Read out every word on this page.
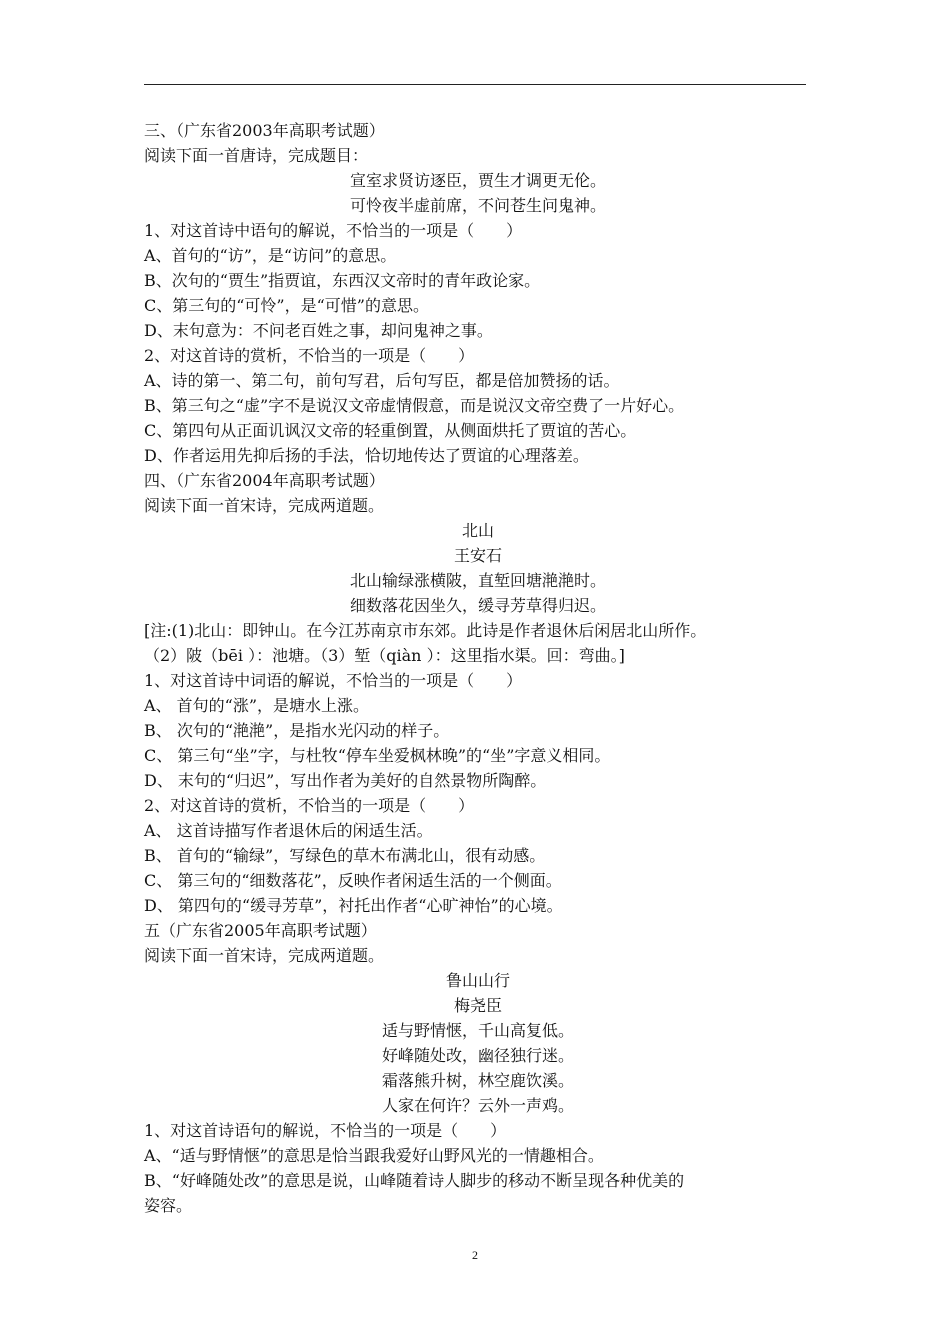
三、（广东省2003年高职考试题）
阅读下面一首唐诗，完成题目：
宣室求贤访逐臣，贾生才调更无伦。
可怜夜半虚前席，不问苍生问鬼神。
1、对这首诗中语句的解说，不恰当的一项是（　　）
A、首句的“访”，是“访问”的意思。
B、次句的“贾生”指贾谊，东西汉文帝时的青年政论家。
C、第三句的“可怜”，是“可惜”的意思。
D、末句意为：不问老百姓之事，却问鬼神之事。
2、对这首诗的赏析，不恰当的一项是（　　）
A、诗的第一、第二句，前句写君，后句写臣，都是倍加赞扬的话。
B、第三句之“虚”字不是说汉文帝虚情假意，而是说汉文帝空费了一片好心。
C、第四句从正面讥讽汉文帝的轻重倒置，从侧面烘托了贾谊的苦心。
D、作者运用先抑后扬的手法，恰切地传达了贾谊的心理落差。
四、（广东省2004年高职考试题）
阅读下面一首宋诗，完成两道题。
北山
王安石
北山输绿涨横陂，直堑回塘滟滟时。
细数落花因坐久，缓寻芳草得归迟。
[注:(1)北山：即钟山。在今江苏南京市东郊。此诗是作者退休后闲居北山所作。
（2）陂（bēi ）：池塘。（3）堑（qiàn ）：这里指水渠。回：弯曲。]
1、对这首诗中词语的解说，不恰当的一项是（　　）
A、 首句的“涨”，是塘水上涨。
B、 次句的“滟滟”，是指水光闪动的样子。
C、 第三句“坐”字，与杜牧“停车坐爱枫林晚”的“坐”字意义相同。
D、 末句的“归迟”，写出作者为美好的自然景物所陶醉。
2、对这首诗的赏析，不恰当的一项是（　　）
A、 这首诗描写作者退休后的闲适生活。
B、 首句的“输绿”，写绿色的草木布满北山，很有动感。
C、 第三句的“细数落花”，反映作者闲适生活的一个侧面。
D、 第四句的“缓寻芳草”，衬托出作者“心旷神怡”的心境。
五（广东省2005年高职考试题）
阅读下面一首宋诗，完成两道题。
鲁山山行
梅尧臣
适与野情惬，千山高复低。
好峰随处改，幽径独行迷。
霜落熊升树，林空鹿饮溪。
人家在何许？云外一声鸡。
1、对这首诗语句的解说，不恰当的一项是（　　）
A、“适与野情惬”的意思是恰当跟我爱好山野风光的一情趣相合。
B、“好峰随处改”的意思是说，山峰随着诗人脚步的移动不断呈现各种优美的
姿容。
2
